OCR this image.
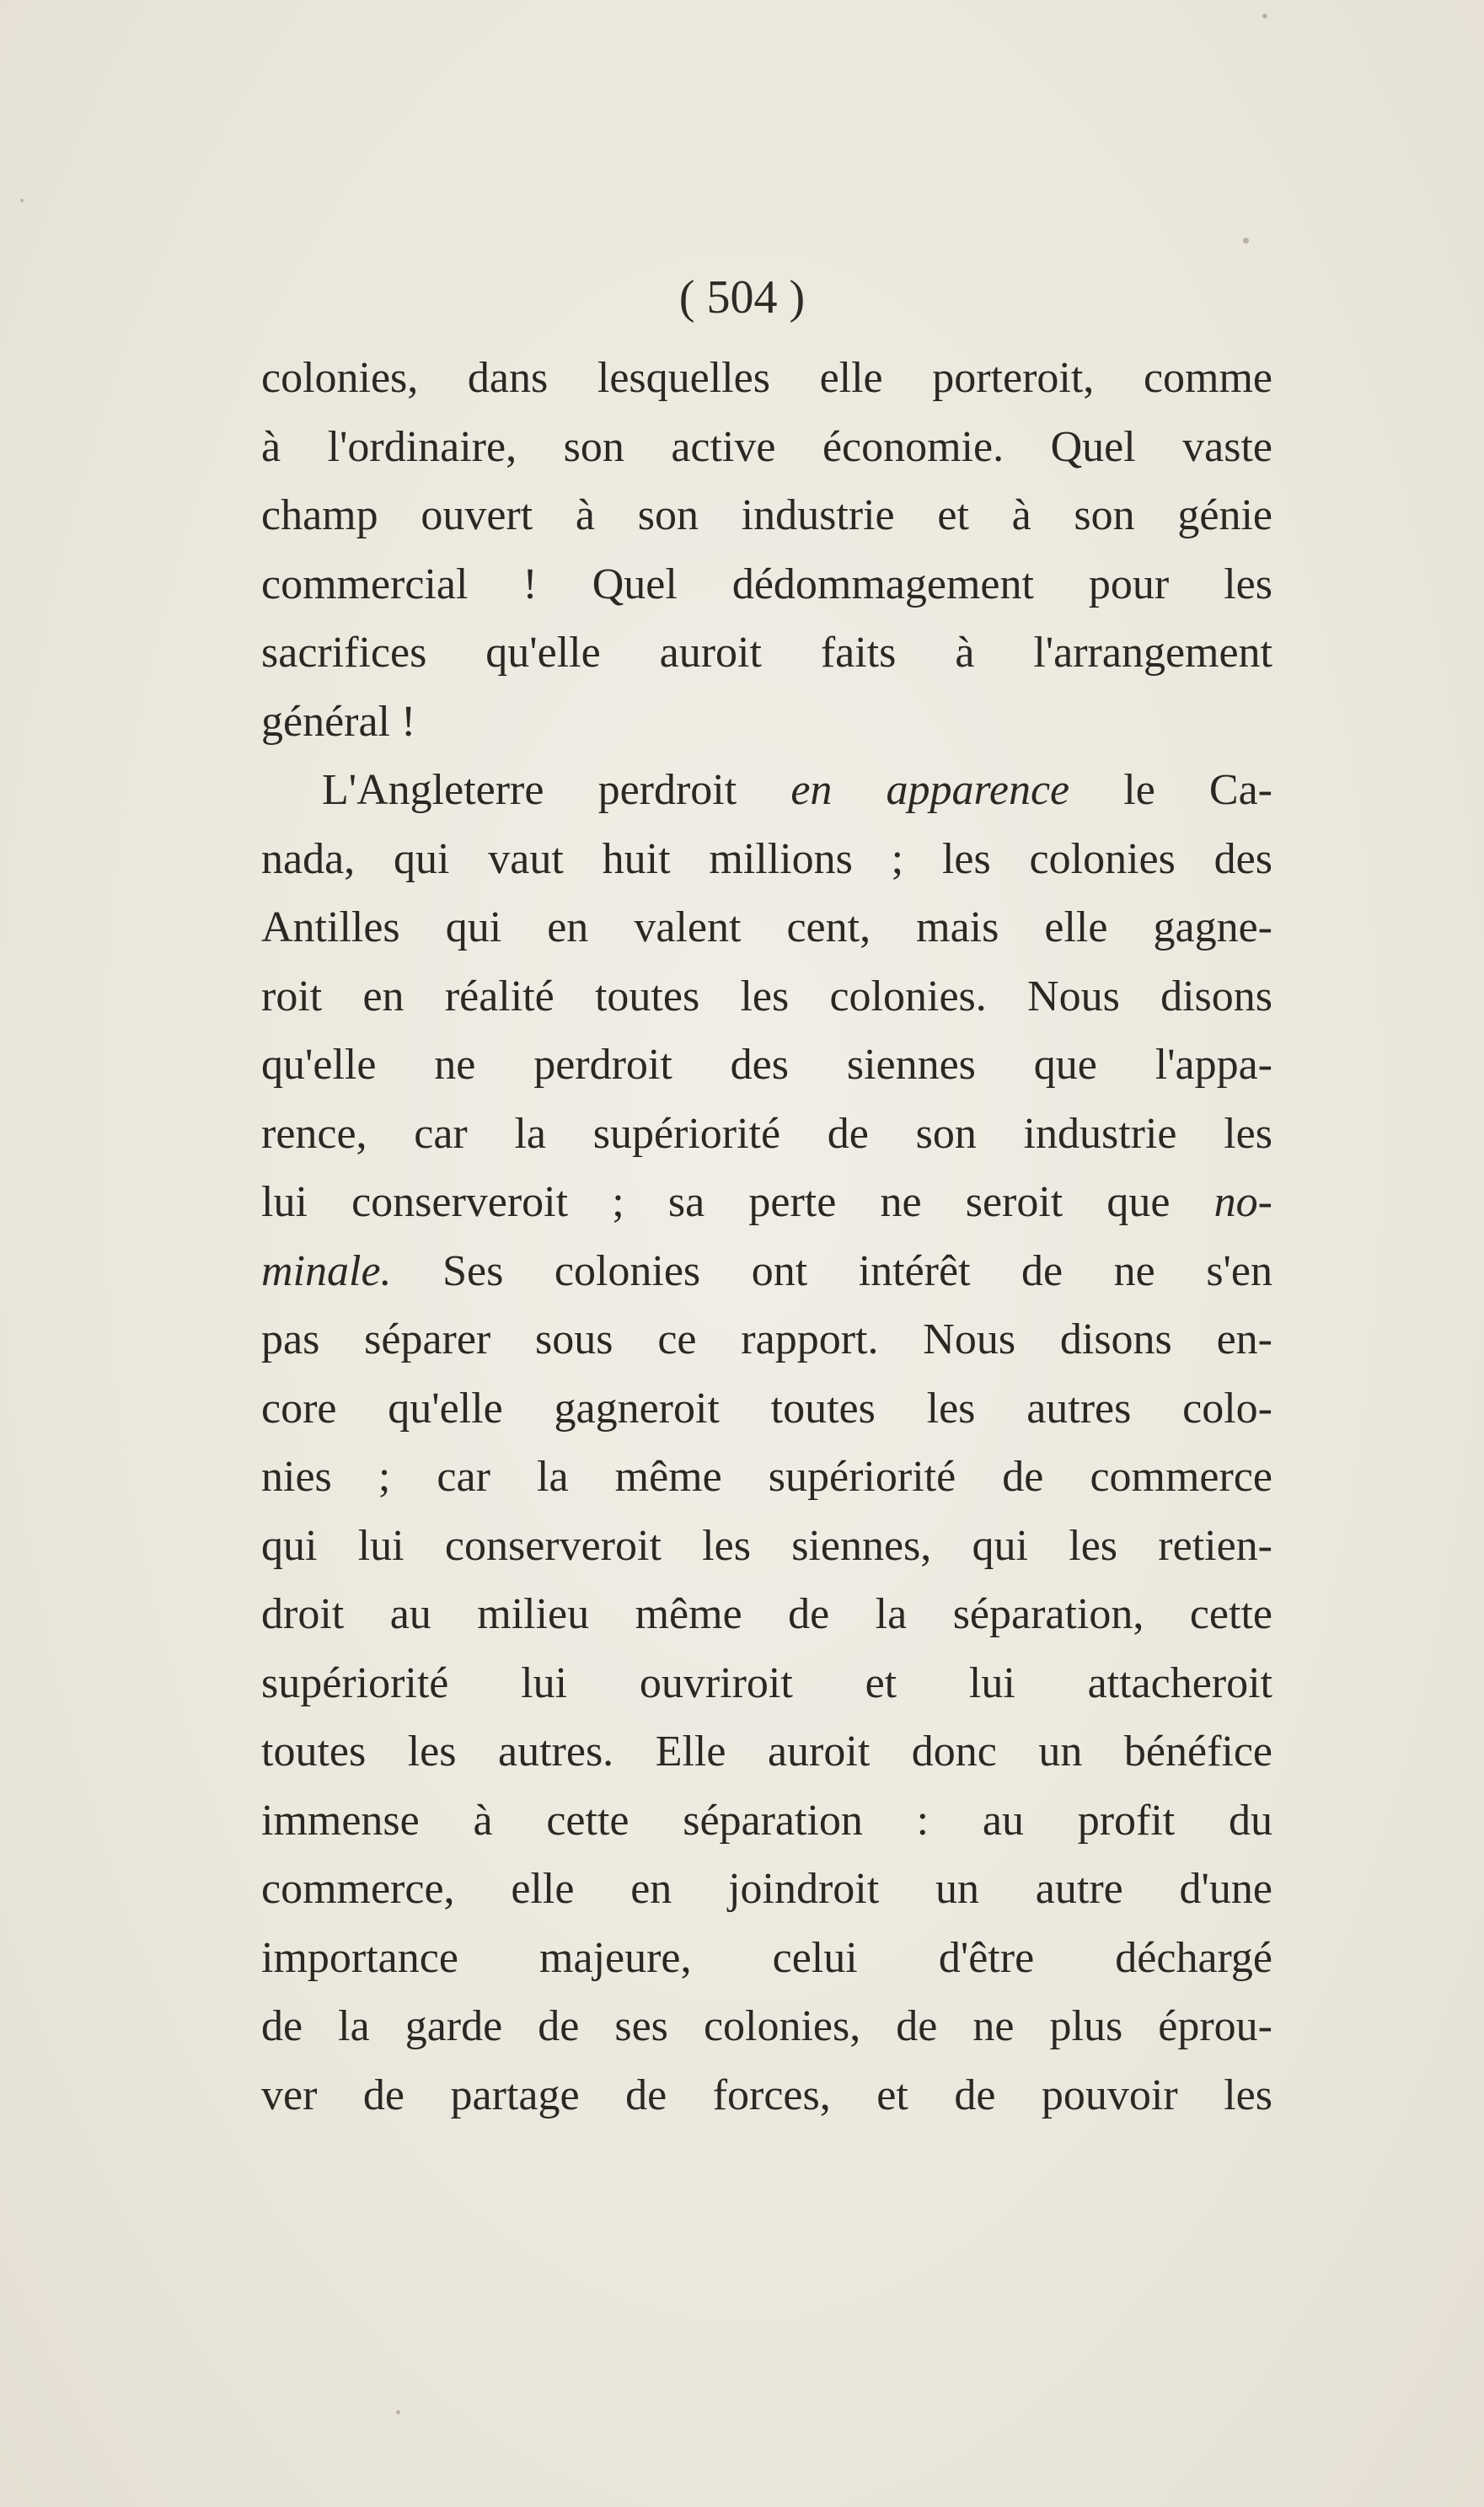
( 504 )
colonies, dans lesquelles elle porteroit, comme
à l'ordinaire, son active économie. Quel vaste
champ ouvert à son industrie et à son génie
commercial ! Quel dédommagement pour les
sacrifices qu'elle auroit faits à l'arrangement
général !
L'Angleterre perdroit en apparence le Ca-
nada, qui vaut huit millions ; les colonies des
Antilles qui en valent cent, mais elle gagne-
roit en réalité toutes les colonies. Nous disons
qu'elle ne perdroit des siennes que l'appa-
rence, car la supériorité de son industrie les
lui conserveroit ; sa perte ne seroit que no-
minale. Ses colonies ont intérêt de ne s'en
pas séparer sous ce rapport. Nous disons en-
core qu'elle gagneroit toutes les autres colo-
nies ; car la même supériorité de commerce
qui lui conserveroit les siennes, qui les retien-
droit au milieu même de la séparation, cette
supériorité lui ouvriroit et lui attacheroit
toutes les autres. Elle auroit donc un bénéfice
immense à cette séparation : au profit du
commerce, elle en joindroit un autre d'une
importance majeure, celui d'être déchargé
de la garde de ses colonies, de ne plus éprou-
ver de partage de forces, et de pouvoir les
